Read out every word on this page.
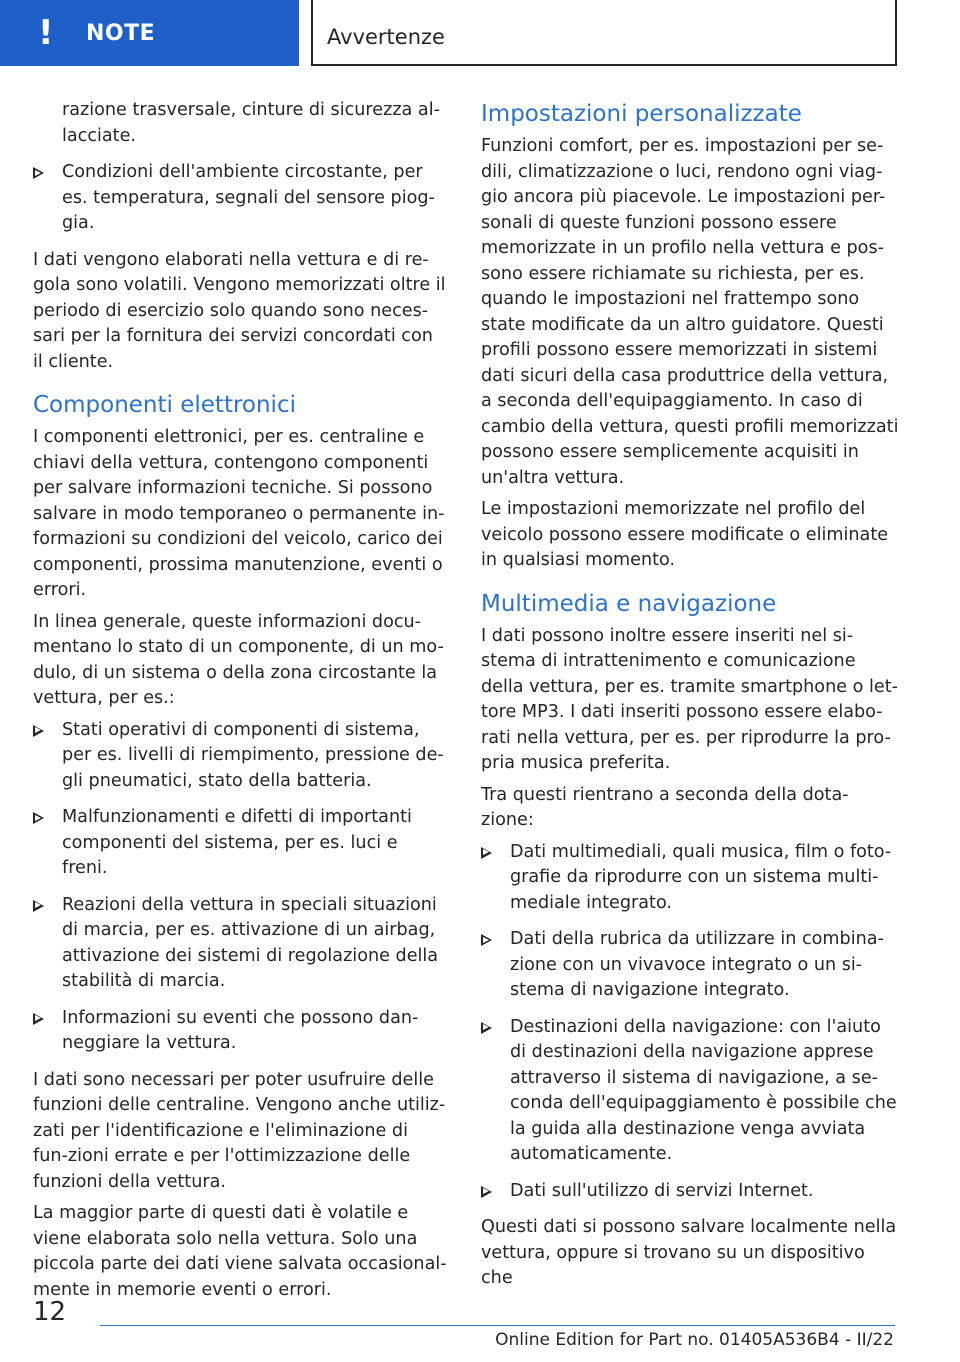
! NOTE	Avvertenze
razione trasversale, cinture di sicurezza al-lacciate.
Condizioni dell'ambiente circostante, per es. temperatura, segnali del sensore piog-gia.

I dati vengono elaborati nella vettura e di re-gola sono volatili. Vengono memorizzati oltre il periodo di esercizio solo quando sono neces-sari per la fornitura dei servizi concordati con il cliente.

Componenti elettronici

I componenti elettronici, per es. centraline e chiavi della vettura, contengono componenti per salvare informazioni tecniche. Si possono salvare in modo temporaneo o permanente in-formazioni su condizioni del veicolo, carico dei componenti, prossima manutenzione, eventi o errori.

In linea generale, queste informazioni docu-mentano lo stato di un componente, di un mo-dulo, di un sistema o della zona circostante la vettura, per es.:

Stati operativi di componenti di sistema, per es. livelli di riempimento, pressione de-gli pneumatici, stato della batteria.
Malfunzionamenti e difetti di importanti componenti del sistema, per es. luci e freni.
Reazioni della vettura in speciali situazioni di marcia, per es. attivazione di un airbag, attivazione dei sistemi di regolazione della stabilità di marcia.
Informazioni su eventi che possono dan-neggiare la vettura.

I dati sono necessari per poter usufruire delle funzioni delle centraline. Vengono anche utiliz-zati per l'identificazione e l'eliminazione di fun-zioni errate e per l'ottimizzazione delle funzioni della vettura.

La maggior parte di questi dati è volatile e viene elaborata solo nella vettura. Solo una piccola parte dei dati viene salvata occasional-mente in memorie eventi o errori.

Impostazioni personalizzate

Funzioni comfort, per es. impostazioni per se-dili, climatizzazione o luci, rendono ogni viag-gio ancora più piacevole. Le impostazioni per-sonali di queste funzioni possono essere memorizzate in un profilo nella vettura e pos-sono essere richiamate su richiesta, per es. quando le impostazioni nel frattempo sono state modificate da un altro guidatore. Questi profili possono essere memorizzati in sistemi dati sicuri della casa produttrice della vettura, a seconda dell'equipaggiamento. In caso di cambio della vettura, questi profili memorizzati possono essere semplicemente acquisiti in un'altra vettura.

Le impostazioni memorizzate nel profilo del veicolo possono essere modificate o eliminate in qualsiasi momento.

Multimedia e navigazione

I dati possono inoltre essere inseriti nel si-stema di intrattenimento e comunicazione della vettura, per es. tramite smartphone o let-tore MP3. I dati inseriti possono essere elabo-rati nella vettura, per es. per riprodurre la pro-pria musica preferita.

Tra questi rientrano a seconda della dota-zione:

Dati multimediali, quali musica, film o foto-grafie da riprodurre con un sistema multi-mediale integrato.
Dati della rubrica da utilizzare in combina-zione con un vivavoce integrato o un si-stema di navigazione integrato.
Destinazioni della navigazione: con l'aiuto di destinazioni della navigazione apprese attraverso il sistema di navigazione, a se-conda dell'equipaggiamento è possibile che la guida alla destinazione venga avviata automaticamente.
Dati sull'utilizzo di servizi Internet.

Questi dati si possono salvare localmente nella vettura, oppure si trovano su un dispositivo che

12
Online Edition for Part no. 01405A536B4 - II/22
